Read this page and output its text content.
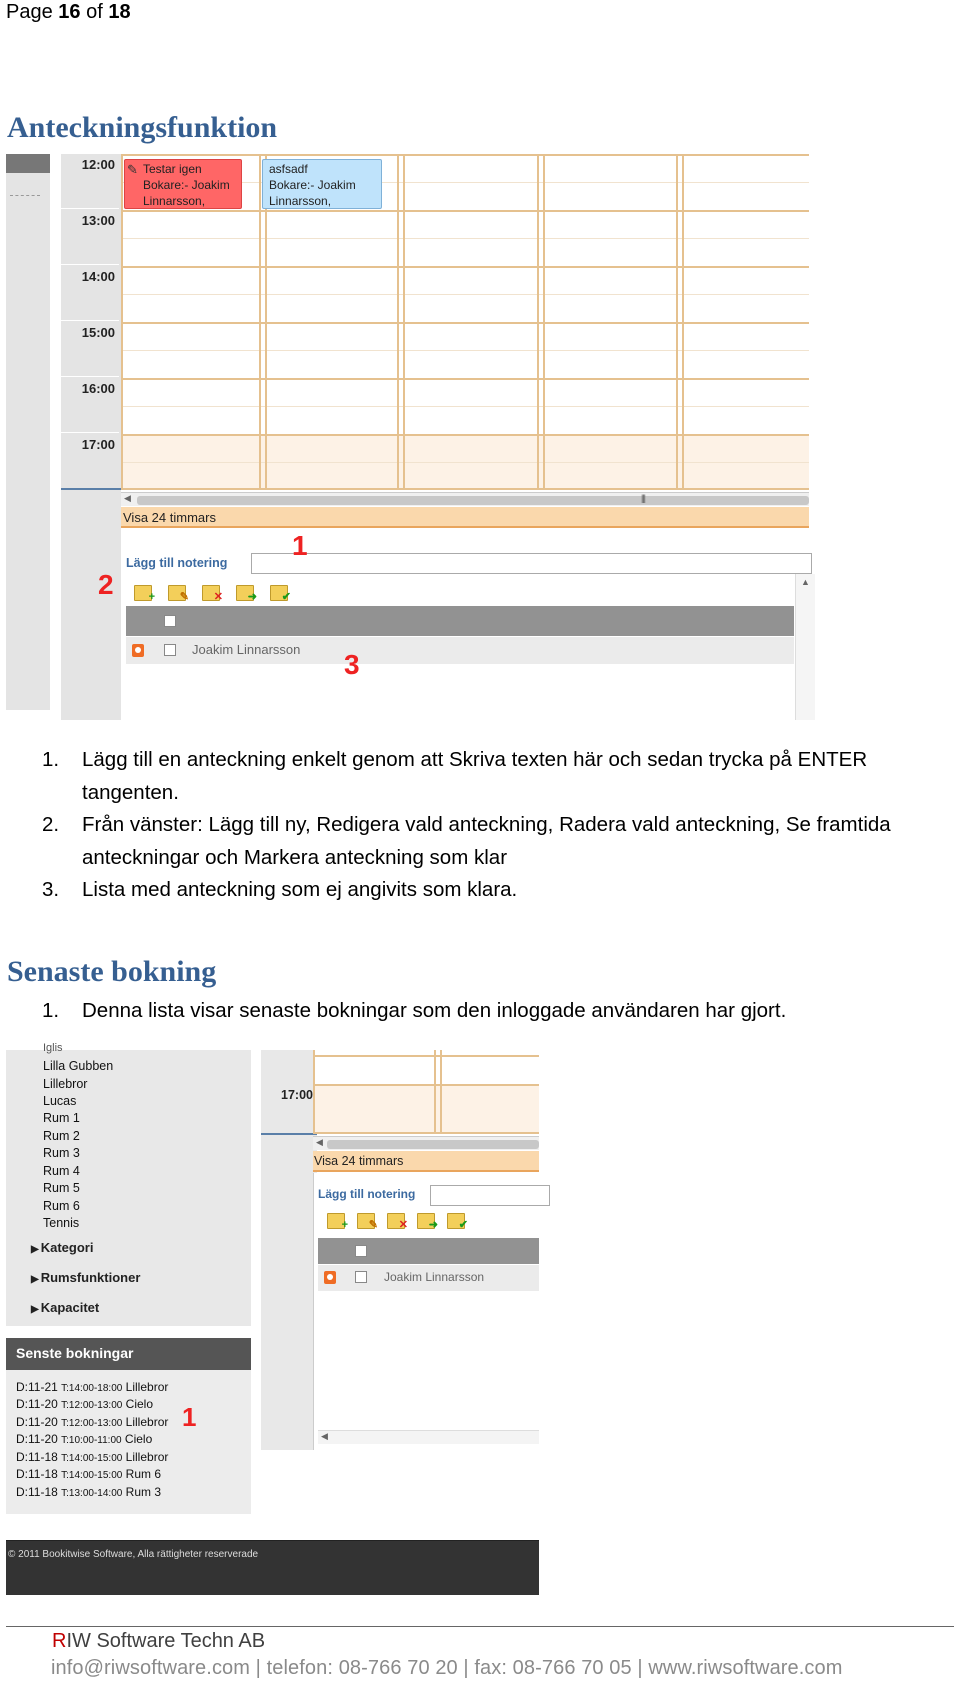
Page 16 of 18
Anteckningsfunktion
12:00
13:00
14:00
15:00
16:00
17:00
✎ Testar igen
Bokare:- Joakim
Linnarsson,
asfsadf
Bokare:- Joakim
Linnarsson,
◀	|||
Visa 24 timmars
Lägg till notering
+ ✎ ✕ ➜ ✔
Joakim Linnarsson
▲
1
2
3
1. Lägg till en anteckning enkelt genom att Skriva texten här och sedan trycka på ENTER tangenten.
2. Från vänster: Lägg till ny, Redigera vald anteckning, Radera vald anteckning, Se framtida anteckningar och Markera anteckning som klar
3. Lista med anteckning som ej angivits som klara.
Senaste bokning
1. Denna lista visar senaste bokningar som den inloggade användaren har gjort.
Iglis
Lilla Gubben
Lillebror
Lucas
Rum 1
Rum 2
Rum 3
Rum 4
Rum 5
Rum 6
Tennis
▶ Kategori
▶ Rumsfunktioner
▶ Kapacitet
Senste bokningar
D:11-21 T:14:00-18:00 Lillebror
D:11-20 T:12:00-13:00 Cielo
D:11-20 T:12:00-13:00 Lillebror
D:11-20 T:10:00-11:00 Cielo
D:11-18 T:14:00-15:00 Lillebror
D:11-18 T:14:00-15:00 Rum 6
D:11-18 T:13:00-14:00 Rum 3
1
17:00
◀
Visa 24 timmars
Lägg till notering
+ ✎ ✕ ➜ ✔
Joakim Linnarsson
◀
© 2011 Bookitwise Software, Alla rättigheter reserverade
RIW Software Techn AB
info@riwsoftware.com | telefon: 08-766 70 20 | fax: 08-766 70 05 | www.riwsoftware.com
